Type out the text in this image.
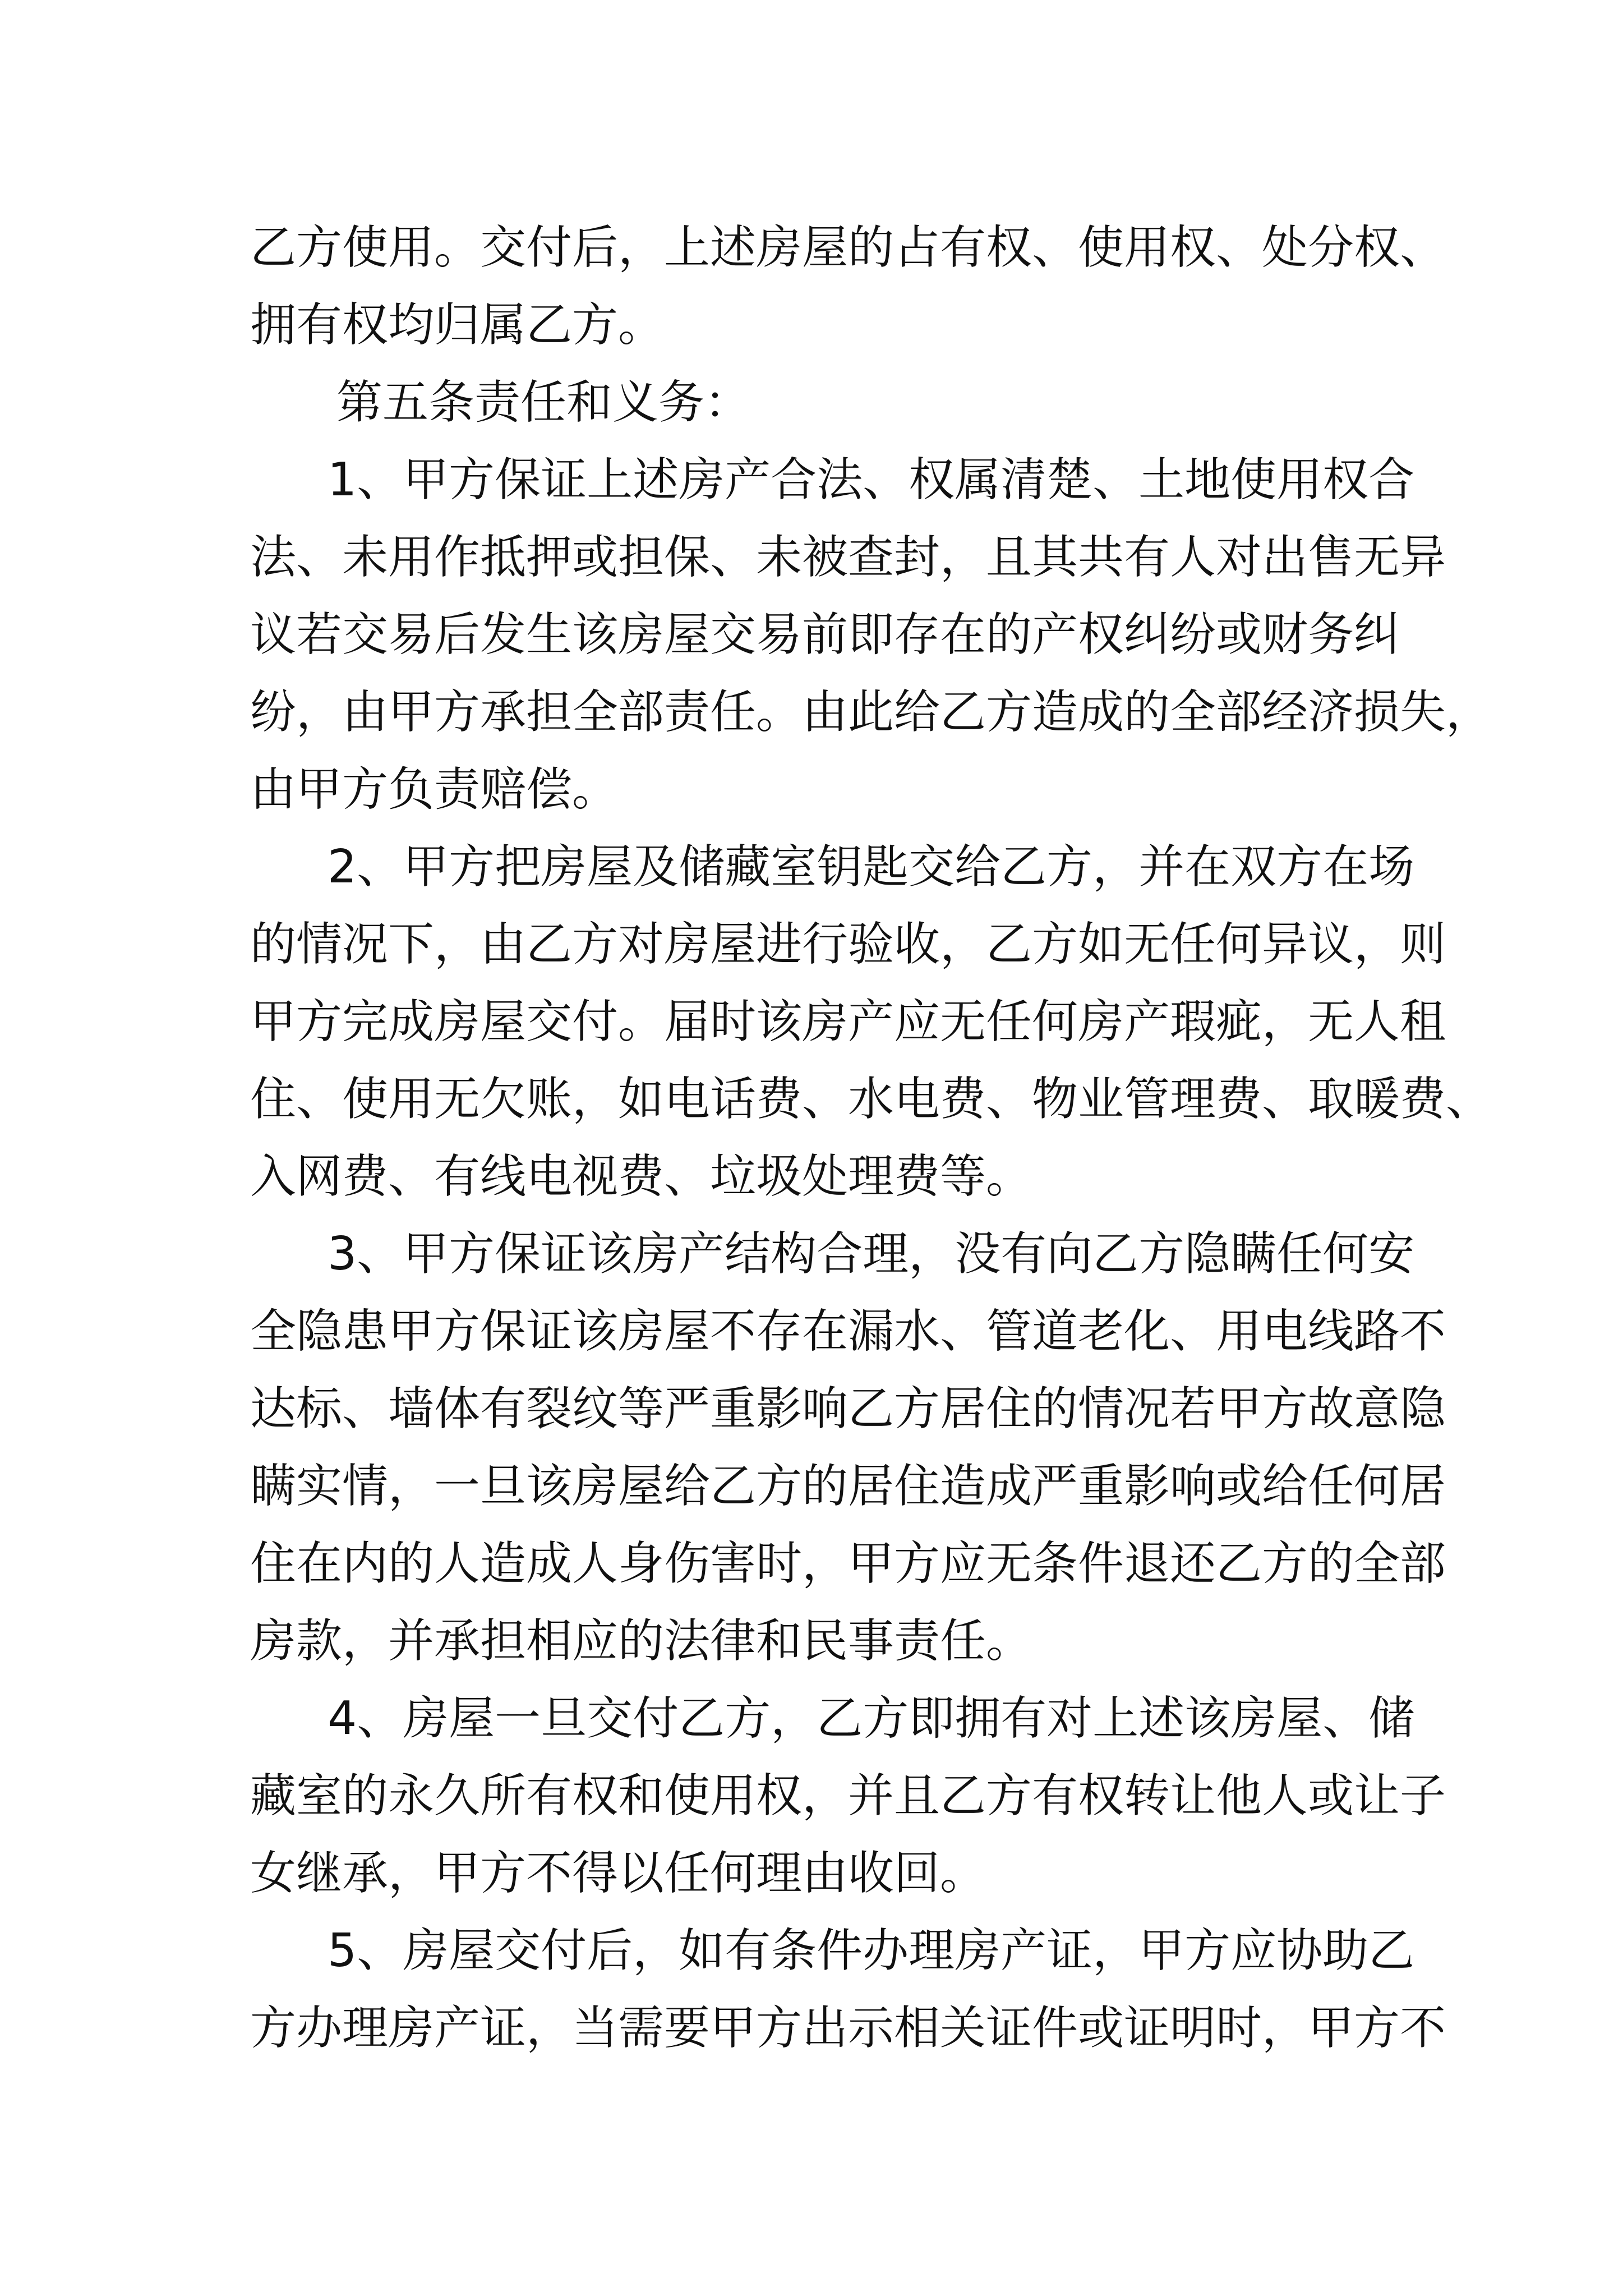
乙方使用。交付后，上述房屋的占有权、使用权、处分权、
拥有权均归属乙方。
第五条责任和义务：
1、甲方保证上述房产合法、权属清楚、土地使用权合
法、未用作抵押或担保、未被查封，且其共有人对出售无异
议若交易后发生该房屋交易前即存在的产权纠纷或财务纠
纷，由甲方承担全部责任。由此给乙方造成的全部经济损失，
由甲方负责赔偿。
2、甲方把房屋及储藏室钥匙交给乙方，并在双方在场
的情况下，由乙方对房屋进行验收，乙方如无任何异议，则
甲方完成房屋交付。届时该房产应无任何房产瑕疵，无人租
住、使用无欠账，如电话费、水电费、物业管理费、取暖费、
入网费、有线电视费、垃圾处理费等。
3、甲方保证该房产结构合理，没有向乙方隐瞒任何安
全隐患甲方保证该房屋不存在漏水、管道老化、用电线路不
达标、墙体有裂纹等严重影响乙方居住的情况若甲方故意隐
瞒实情，一旦该房屋给乙方的居住造成严重影响或给任何居
住在内的人造成人身伤害时，甲方应无条件退还乙方的全部
房款，并承担相应的法律和民事责任。
4、房屋一旦交付乙方，乙方即拥有对上述该房屋、储
藏室的永久所有权和使用权，并且乙方有权转让他人或让子
女继承，甲方不得以任何理由收回。
5、房屋交付后，如有条件办理房产证，甲方应协助乙
方办理房产证，当需要甲方出示相关证件或证明时，甲方不
